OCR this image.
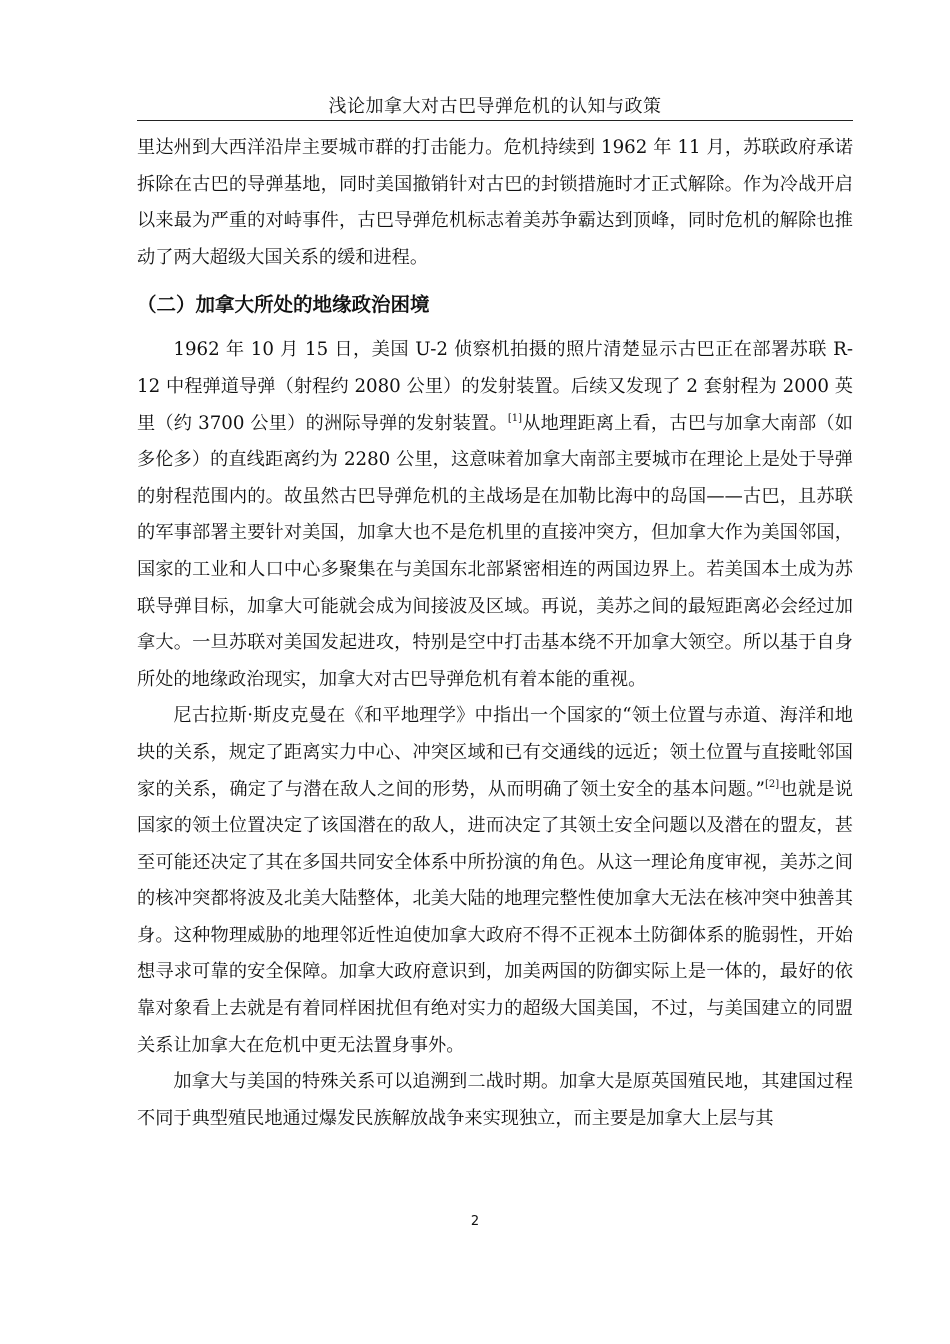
浅论加拿大对古巴导弹危机的认知与政策

里达州到大西洋沿岸主要城市群的打击能力。危机持续到 1962 年 11 月，苏联政府承诺拆除在古巴的导弹基地，同时美国撤销针对古巴的封锁措施时才正式解除。作为冷战开启以来最为严重的对峙事件，古巴导弹危机标志着美苏争霸达到顶峰，同时危机的解除也推动了两大超级大国关系的缓和进程。

（二）加拿大所处的地缘政治困境

1962 年 10 月 15 日，美国 U-2 侦察机拍摄的照片清楚显示古巴正在部署苏联 R-12 中程弹道导弹（射程约 2080 公里）的发射装置。后续又发现了 2 套射程为 2000 英里（约 3700 公里）的洲际导弹的发射装置。[1]从地理距离上看，古巴与加拿大南部（如多伦多）的直线距离约为 2280 公里，这意味着加拿大南部主要城市在理论上是处于导弹的射程范围内的。故虽然古巴导弹危机的主战场是在加勒比海中的岛国——古巴，且苏联的军事部署主要针对美国，加拿大也不是危机里的直接冲突方，但加拿大作为美国邻国，国家的工业和人口中心多聚集在与美国东北部紧密相连的两国边界上。若美国本土成为苏联导弹目标，加拿大可能就会成为间接波及区域。再说，美苏之间的最短距离必会经过加拿大。一旦苏联对美国发起进攻，特别是空中打击基本绕不开加拿大领空。所以基于自身所处的地缘政治现实，加拿大对古巴导弹危机有着本能的重视。

尼古拉斯·斯皮克曼在《和平地理学》中指出一个国家的“领土位置与赤道、海洋和地块的关系，规定了距离实力中心、冲突区域和已有交通线的远近；领土位置与直接毗邻国家的关系，确定了与潜在敌人之间的形势，从而明确了领土安全的基本问题。”[2]也就是说国家的领土位置决定了该国潜在的敌人，进而决定了其领土安全问题以及潜在的盟友，甚至可能还决定了其在多国共同安全体系中所扮演的角色。从这一理论角度审视，美苏之间的核冲突都将波及北美大陆整体，北美大陆的地理完整性使加拿大无法在核冲突中独善其身。这种物理威胁的地理邻近性迫使加拿大政府不得不正视本土防御体系的脆弱性，开始想寻求可靠的安全保障。加拿大政府意识到，加美两国的防御实际上是一体的，最好的依靠对象看上去就是有着同样困扰但有绝对实力的超级大国美国，不过，与美国建立的同盟关系让加拿大在危机中更无法置身事外。

加拿大与美国的特殊关系可以追溯到二战时期。加拿大是原英国殖民地，其建国过程不同于典型殖民地通过爆发民族解放战争来实现独立，而主要是加拿大上层与其

2
